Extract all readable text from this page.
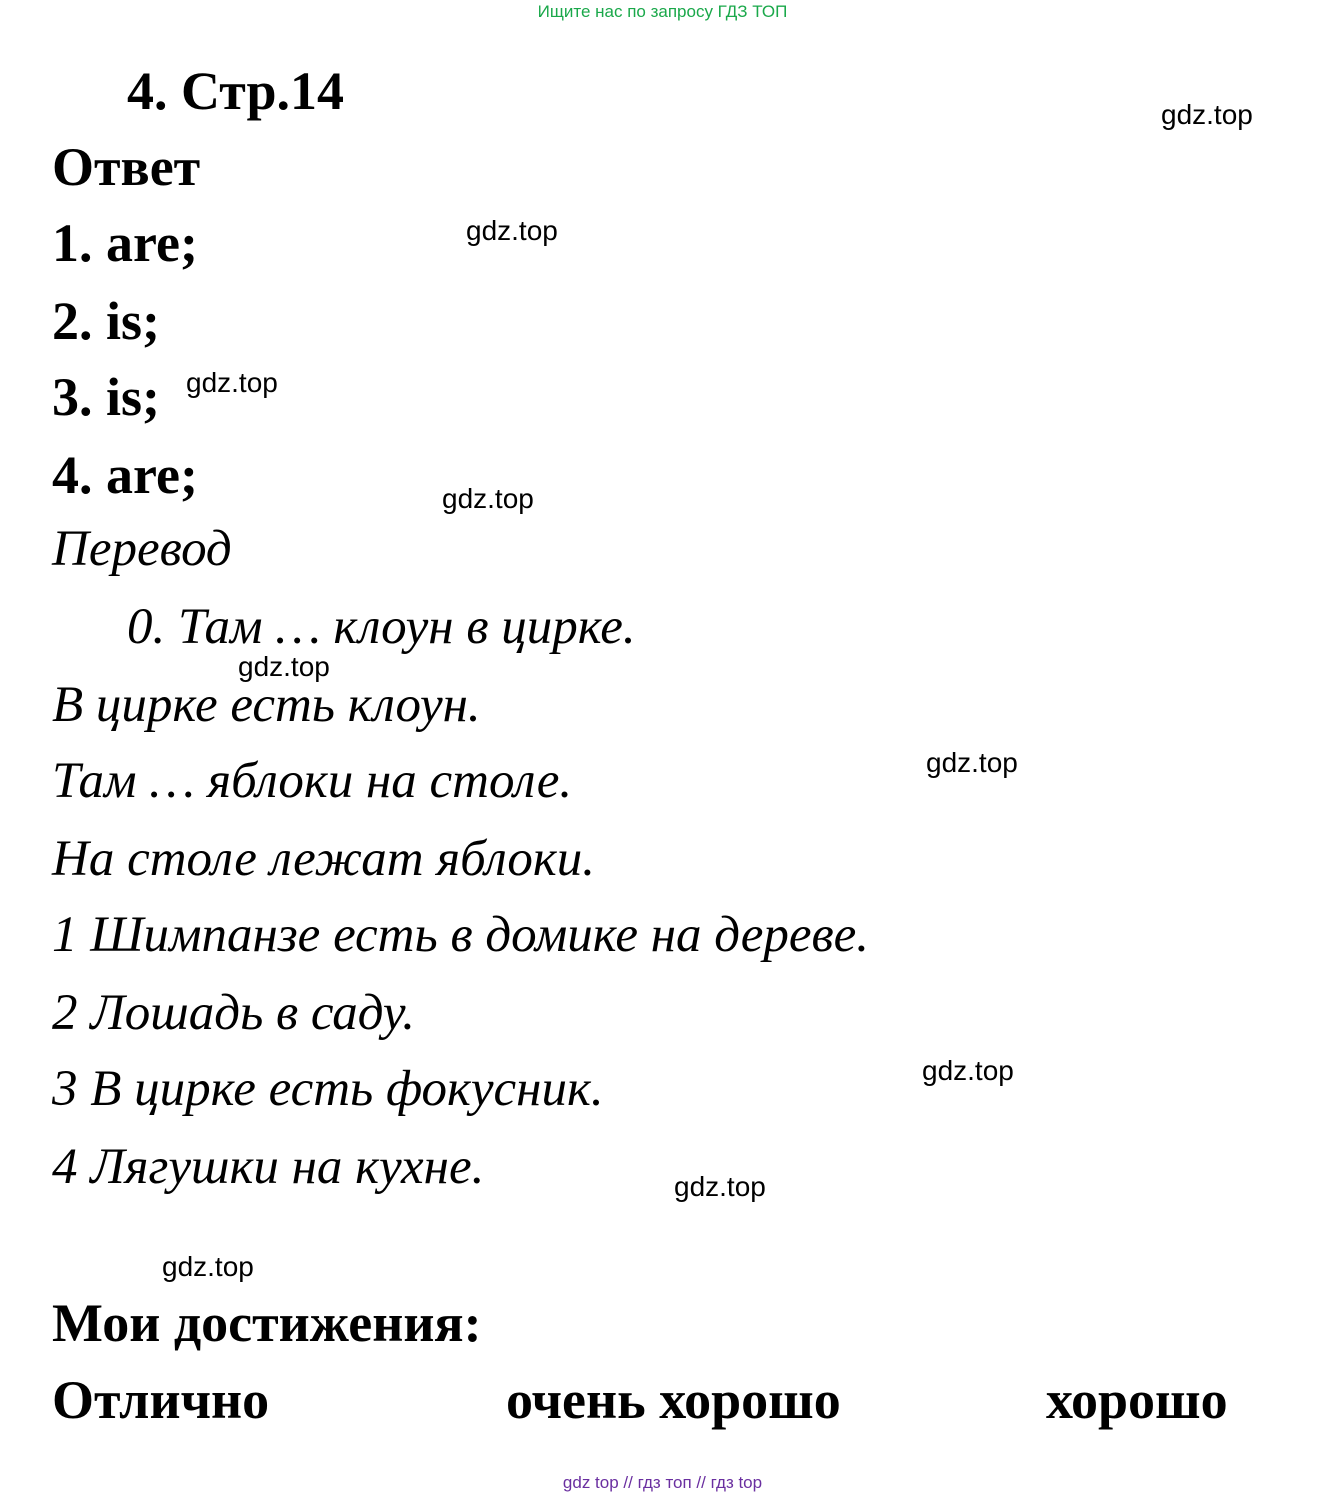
Ищите нас по запросу ГДЗ ТОП
4. Стр.14
Ответ
1. are;
2. is;
3. is;
4. are;
Перевод
0. Там … клоун в цирке.
В цирке есть клоун.
Там … яблоки на столе.
На столе лежат яблоки.
1 Шимпанзе есть в домике на дереве.
2 Лошадь в саду.
3 В цирке есть фокусник.
4 Лягушки на кухне.
Мои достижения:
Отлично	очень хорошо	хорошо
gdz.top
gdz.top
gdz.top
gdz.top
gdz.top
gdz.top
gdz.top
gdz.top
gdz.top
gdz top // гдз топ // гдз top
